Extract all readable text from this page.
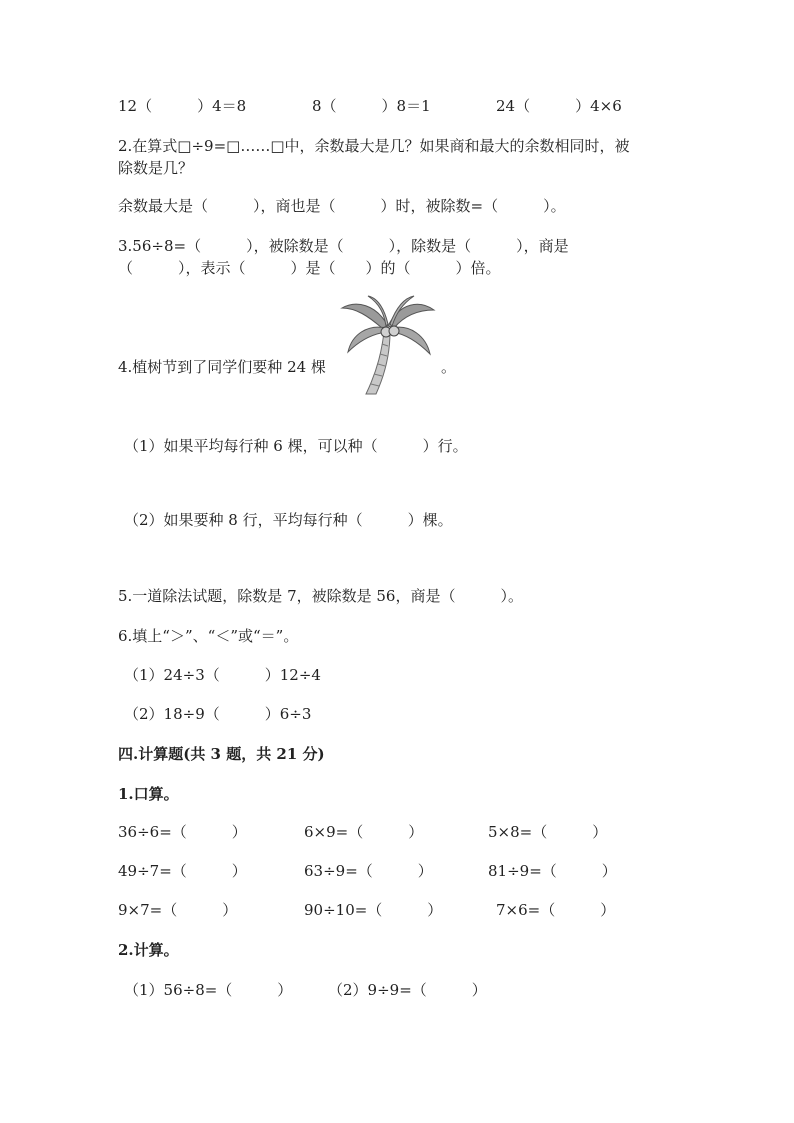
12（　　　）4＝8	8（　　　）8＝1	24（　　　）4×6
2.在算式□÷9=□……□中，余数最大是几？如果商和最大的余数相同时，被
除数是几？
余数最大是（　　　），商也是（　　　）时，被除数=（　　　）。
3.56÷8=（　　　），被除数是（　　　），除数是（　　　），商是
（　　　），表示（　　　）是（　　）的（　　　）倍。
4.植树节到了同学们要种 24 棵	。
（1）如果平均每行种 6 棵，可以种（　　　）行。
（2）如果要种 8 行，平均每行种（　　　）棵。
5.一道除法试题，除数是 7，被除数是 56，商是（　　　）。
6.填上“＞”、“＜”或“＝”。
（1）24÷3（　　　）12÷4
（2）18÷9（　　　）6÷3
四.计算题(共 3 题，共 21 分)
1.口算。
36÷6=（　　　）	6×9=（　　　）	5×8=（　　　）
49÷7=（　　　）	63÷9=（　　　）	81÷9=（　　　）
9×7=（　　　）	90÷10=（　　　）	7×6=（　　　）
2.计算。
（1）56÷8=（　　　） （2）9÷9=（　　　）
